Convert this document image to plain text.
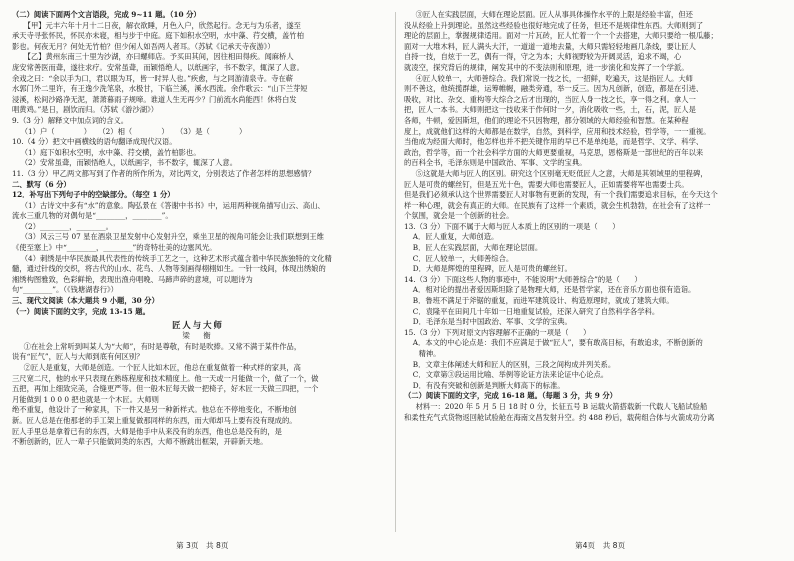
（二）阅读下面两个文言语段，完成 9~11 题。（10 分）
【甲】元丰六年十月十二日夜，解衣欲睡，月色入户，欣然起行。念无与为乐者，遂至
承天寺寻张怀民，怀民亦未寝，相与步于中庭。庭下如积水空明，水中藻、荇交横，盖竹柏
影也。何夜无月？何处无竹柏？但少闲人如吾两人者耳。（苏轼《记承天寺夜游》）
【乙】黄州东南三十里为沙湖，亦曰螺师店。予买田其间，因往相田得疾。闻麻桥人
庞安常善医而聋，遂往求疗。安常虽聋，而颖悟绝人，以纸画字，书不数字，辄深了人意。
余戏之曰：“余以手为口，君以眼为耳，皆一时异人也。”疾愈，与之同游清泉寺。寺在蕲
水郭门外二里许，有王逸少洗笔泉，水极甘，下临兰溪，溪水西流。余作歌云：“山下兰芽短
浸溪，松间沙路净无泥，萧萧暮雨子规啼。谁道人生无再少？门前流水尚能西！休将白发
唱黄鸡。”是日，剧饮而归。（苏轼《游沙湖》）
9.（3 分）解释文中加点词的含义。
（1）户（　　　　）　　（2）相（　　　　）　　（3）是（　　　　）
10.（4 分）把文中画横线的语句翻译成现代汉语。
（1）庭下如积水空明，水中藻、荇交横，盖竹柏影也。
（2）安常虽聋，而颖悟绝人，以纸画字，书不数字，辄深了人意。
11.（3 分）甲乙两文都写到了作者的所作所为，对比两文，分别表达了作者怎样的思想感情？
二、默写（6 分）
12．补写出下列句子中的空缺部分。（每空 1 分）
（1）古诗文中多有“水”的意象。陶弘景在《答谢中书书》中，运用两种视角描写山云、高山、
流水三重几物的对偶句是“________，________”。
（2）________，________。
（3）风云三号 07 星在酒泉卫星发射中心发射升空，乘坐卫星的视角可能会让我们联想到王维
《使至塞上》中“________，________”的奇特壮美的边塞风光。
（4）刺绣是中华民族最具代表性的传统手工艺之一，这种艺术形式蕴含着中华民族独特的文化精
髓，通过针线的交织，将古代的山水、花鸟、人物等刻画得栩栩如生。一针一线间，体现出绣娘的
湘绣构图雅致，色彩鲜艳，表现出渔舟唱晚、马蹄声碎的意境，可以题诗为
句“________”。（《钱塘湖春行》）
三、现代文阅读（本大题共 9 小题，30 分）
（一）阅读下面的文字，完成 13-15 题。
匠人与大师
梁　衡
①在社会上常听到叫某人为“大师”，有时是尊敬，有时是吹捧。又常不满于某件作品，
说有“匠气”，匠人与大师到底有何区别？
②匠人是重复，大师是创造。一个匠人比如木匠，他总在重复做着一种式样的家具，高
三尺宽二尺，他的水平只表现在熟练程度和技术精度上。他一天或一月能做一个，做了一个，做
五把，再加上细致完美，合缝更严等。但一般木匠每天做一把椅子，好木匠一天做三四把，一个
月能做到 1 0 0 0 把也就是一个木匠。大师则
绝不重复，他设计了一种家具，下一件又是另一种新样式。他总在不停地变化，不断地创
新。匠人总是在他那老的手工架上重复做那同样的东西，而大师却马上要有没有现成的。
匠人手里总是拿着已有的东西，大师是他手中从来没有的东西，他也总是没有的，是
不断创新的，匠人一辈子只能做同类的东西，大师不断跳出框架，开辟新天地。
③匠人在实践层面，大师在理论层面。匠人从事具体操作水平的上限是经验丰富，但还
没从经验上升到理论。虽然这些经验也很好地完成了任务，但还不是规律性东西。大师则到了
理论的层面上，掌握规律适用。面对一片瓦砖，匠人忙着一个一个去搭建，大师只要给一根瓜藤；
面对一大堆木料，匠人满头大汗，一道道一道地去量，大师只需轻轻地画几条线，要让匠人
自持一技，自炫于一艺，偶有一得，守之为本；大师视野较为开阔灵活，追求不竭，心
就凌空，探究背后的规律，阐发其中的不变法则和原理，进一步演化和发挥了一个学派。
④匠人较单一，大师善综合。我们常说一技之长，一招鲜，吃遍天，这是指匠人。大师
则不善这，他统揽群雄，运筹帷幄，融类旁通，举一反三。因为凡创新，创造，都是在引进、
吸收，对比、杂交、重构等大综合之后才出现的，当匠人身一技之长，享一得之利。拿人一
把，匠人一本书。大师则把这一技收来于作何时一夕，消化吸收一些，土，石，泥，匠人是
各师，牛顿，爱因斯坦，他们的理论不只因物理，都分领域的大师经验和智慧。在某种程
度上，成就他们这样的大师都是在数学，自然，到科学，应用和技术经验，哲学等，一一重视。
当他成为经面大师时，他怎样也并不把关键作用的早已不是单纯是，而是哲学、文学、科学、
政治，哲学等，而一个社会科学方面的大师更要重视，马克思，恩格斯是一部世纪的百年以来
的百科全书，毛泽东则是中国政治、军事、文学的宝典。
⑤这就是大师与匠人的区别。研究这个区别毫无贬低匠人之意，大师是其领域里的里程碑，
匠人是可贵的螺丝钉，但是五光十色，需要大师也需要匠人，正如需要将军也需要士兵。
但是我们必须承认这个世界需要匠人对事物有更新的发现，有一个我们需要追求目标，在今天这个
样一种心理，就会有真正的大师。在民族有了这样一个素质，就会生机勃勃，在社会有了这样一
个氛围，就会是一个创新的社会。
13.（3 分）下面不属于大师与匠人本质上的区别的一项是（　　）
A．匠人重复，大师创造。
B．匠人在实践层面，大师在理论层面。
C．匠人较单一，大师善综合。
D．大师是辉煌的里程碑，匠人是可贵的螺丝钉。
14.（3 分）下面这些人物的事迹中，不能说明“大师善综合”的是（　　）
A．相对论的提出者爱因斯坦除了是物理大师，还是哲学家，还在音乐方面也很有造诣。
B．鲁班不满足于斧锯的重复，而进军建筑设计、构造原理时，就成了建筑大师。
C．袁隆平在田间几十年如一日地重复试验，还深入研究了自然科学各学科。
D．毛泽东是当时中国政治、军事、文学的宝典。
15.（3 分）下列对原文内容理解不正确的一项是（　　）
A．本文的中心论点是：我们不应满足于做“匠人”，要有敢高目标，有敢追求，不断创新的
精神。
B．文章主体阐述大师和匠人的区别，三段之间构成并列关系。
C．文章第③段运用比喻、举例等论证方法来论证中心论点。
D．有没有突破和创新是判断大师高下的标准。
（二）阅读下面的文字，完成 16-18 题。（每题 3 分，共 9 分）
材料一：2020 年 5 月 5 日 18 时 0 分，长征五号 B 运载火箭搭载新一代载人飞船试验船
和柔性充气式货物返回舱试验舱在海南文昌发射升空。约 488 秒后，载荷组合体与火箭成功分离
第 3页　共 8页	第4页　共 8页
